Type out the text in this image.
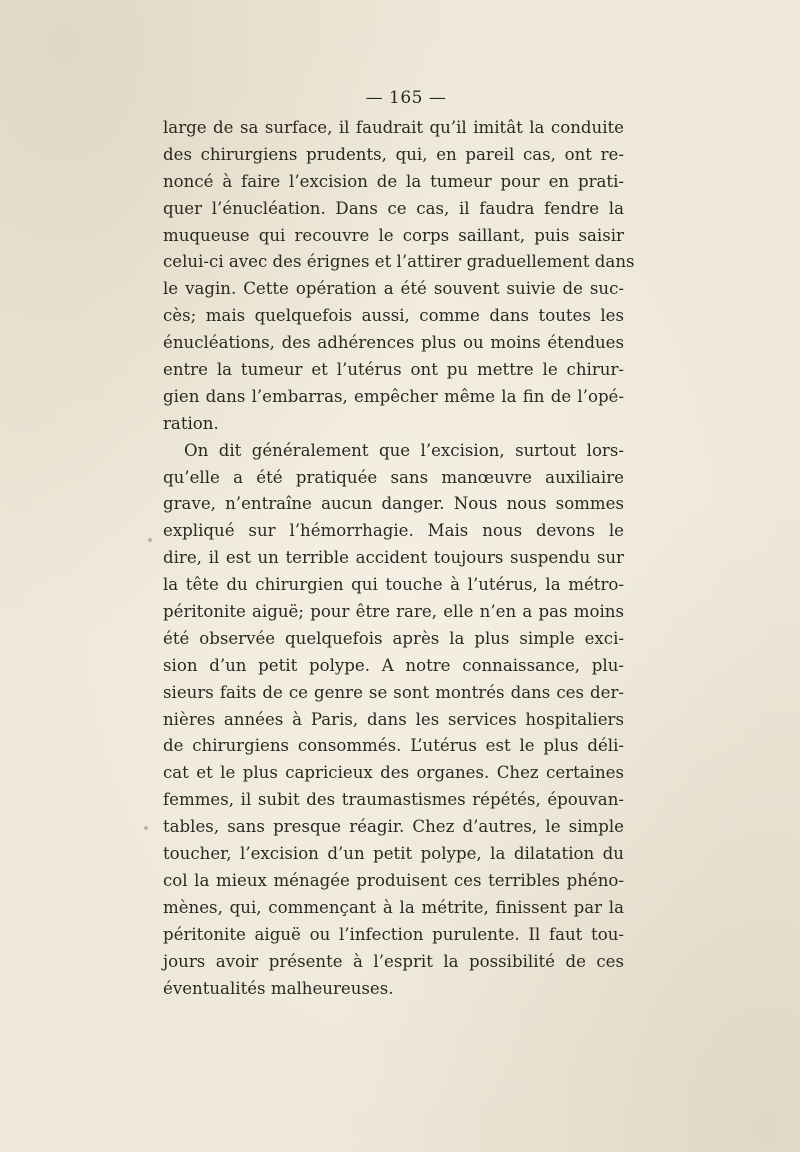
— 165 —
large de sa surface, il faudrait qu’il imitât la conduite
des chirurgiens prudents, qui, en pareil cas, ont re-
noncé à faire l’excision de la tumeur pour en prati-
quer l’énucléation. Dans ce cas, il faudra fendre la
muqueuse qui recouvre le corps saillant, puis saisir
celui-ci avec des érignes et l’attirer graduellement dans
le vagin. Cette opération a été souvent suivie de suc-
cès; mais quelquefois aussi, comme dans toutes les
énucléations, des adhérences plus ou moins étendues
entre la tumeur et l’utérus ont pu mettre le chirur-
gien dans l’embarras, empêcher même la fin de l’opé-
ration.
On dit généralement que l’excision, surtout lors-
qu’elle a été pratiquée sans manœuvre auxiliaire
grave, n’entraîne aucun danger. Nous nous sommes
expliqué sur l’hémorrhagie. Mais nous devons le
dire, il est un terrible accident toujours suspendu sur
la tête du chirurgien qui touche à l’utérus, la métro-
péritonite aiguë; pour être rare, elle n’en a pas moins
été observée quelquefois après la plus simple exci-
sion d’un petit polype. A notre connaissance, plu-
sieurs faits de ce genre se sont montrés dans ces der-
nières années à Paris, dans les services hospitaliers
de chirurgiens consommés. L’utérus est le plus déli-
cat et le plus capricieux des organes. Chez certaines
femmes, il subit des traumastismes répétés, épouvan-
tables, sans presque réagir. Chez d’autres, le simple
toucher, l’excision d’un petit polype, la dilatation du
col la mieux ménagée produisent ces terribles phéno-
mènes, qui, commençant à la métrite, finissent par la
péritonite aiguë ou l’infection purulente. Il faut tou-
jours avoir présente à l’esprit la possibilité de ces
éventualités malheureuses.
